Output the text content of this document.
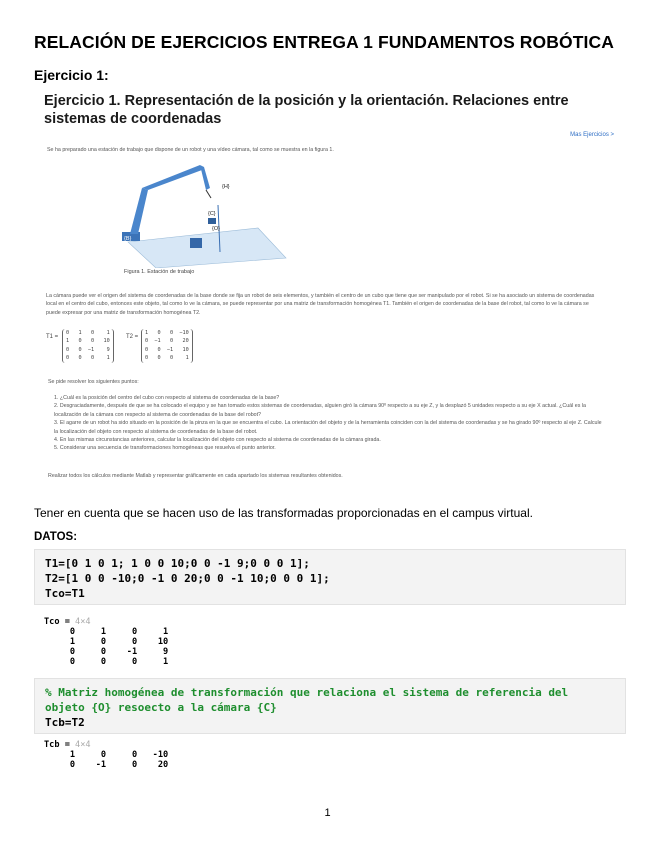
RELACIÓN DE EJERCICIOS ENTREGA 1 FUNDAMENTOS ROBÓTICA
Ejercicio 1:
Ejercicio 1. Representación de la posición y la orientación. Relaciones entre sistemas de coordenadas
Mas Ejercicios >
Se ha preparado una estación de trabajo que dispone de un robot y una vídeo cámara, tal como se muestra en la figura 1.
{C}
{O}
{B}
{H}
Figura 1. Estación de trabajo
La cámara puede ver el origen del sistema de coordenadas de la base donde se fija un robot de seis elementos, y también el centro de un cubo que tiene que ser manipulado por el robot. Si se ha asociado un sistema de coordenadas local en el centro del cubo, entonces este objeto, tal como lo ve la cámara, se puede representar por una matriz de transformación homogénea T1. También el origen de coordenadas de la base del robot, tal como lo ve la cámara se puede expresar por una matriz de transformación homogénea T2.
T1 =
0   1   0    1
1   0   0   10
0   0  −1    9
0   0   0    1
T2 =
1   0   0  −10
0  −1   0   20
0   0  −1   10
0   0   0    1
Se pide resolver los siguientes puntos:
1. ¿Cuál es la posición del centro del cubo con respecto al sistema de coordenadas de la base?
2. Desgraciadamente, después de que se ha colocado el equipo y se han tomado estos sistemas de coordenadas, alguien giró la cámara 90º respecto a su eje Z, y la desplazó 5 unidades respecto a su eje X actual. ¿Cuál es la localización de la cámara con respecto al sistema de coordenadas de la base del robot?
3. El agarre de un robot ha sido situado en la posición de la pinza en la que se encuentra el cubo. La orientación del objeto y de la herramienta coinciden con la del sistema de coordenadas y se ha girado 90º respecto al eje Z. Calcule la localización del objeto con respecto al sistema de coordenadas de la base del robot.
4. En las mismas circunstancias anteriores, calcular la localización del objeto con respecto al sistema de coordenadas de la cámara girada.
5. Considerar una secuencia de transformaciones homogéneas que resuelva el punto anterior.
Realizar todos los cálculos mediante Matlab y representar gráficamente en cada apartado los sistemas resultantes obtenidos.
Tener en cuenta que se hacen uso de las transformadas proporcionadas en el campus virtual.
DATOS:
T1=[0 1 0 1; 1 0 0 10;0 0 -1 9;0 0 0 1];
T2=[1 0 0 -10;0 -1 0 20;0 0 -1 10;0 0 0 1];
Tco=T1
Tco = 4×4
0     1     0     1
1     0     0    10
0     0    -1     9
0     0     0     1
% Matriz homogénea de transformación que relaciona el sistema de referencia del
objeto {O} resoecto a la cámara {C}
Tcb=T2
Tcb = 4×4
1     0     0   -10
0    -1     0    20
1
